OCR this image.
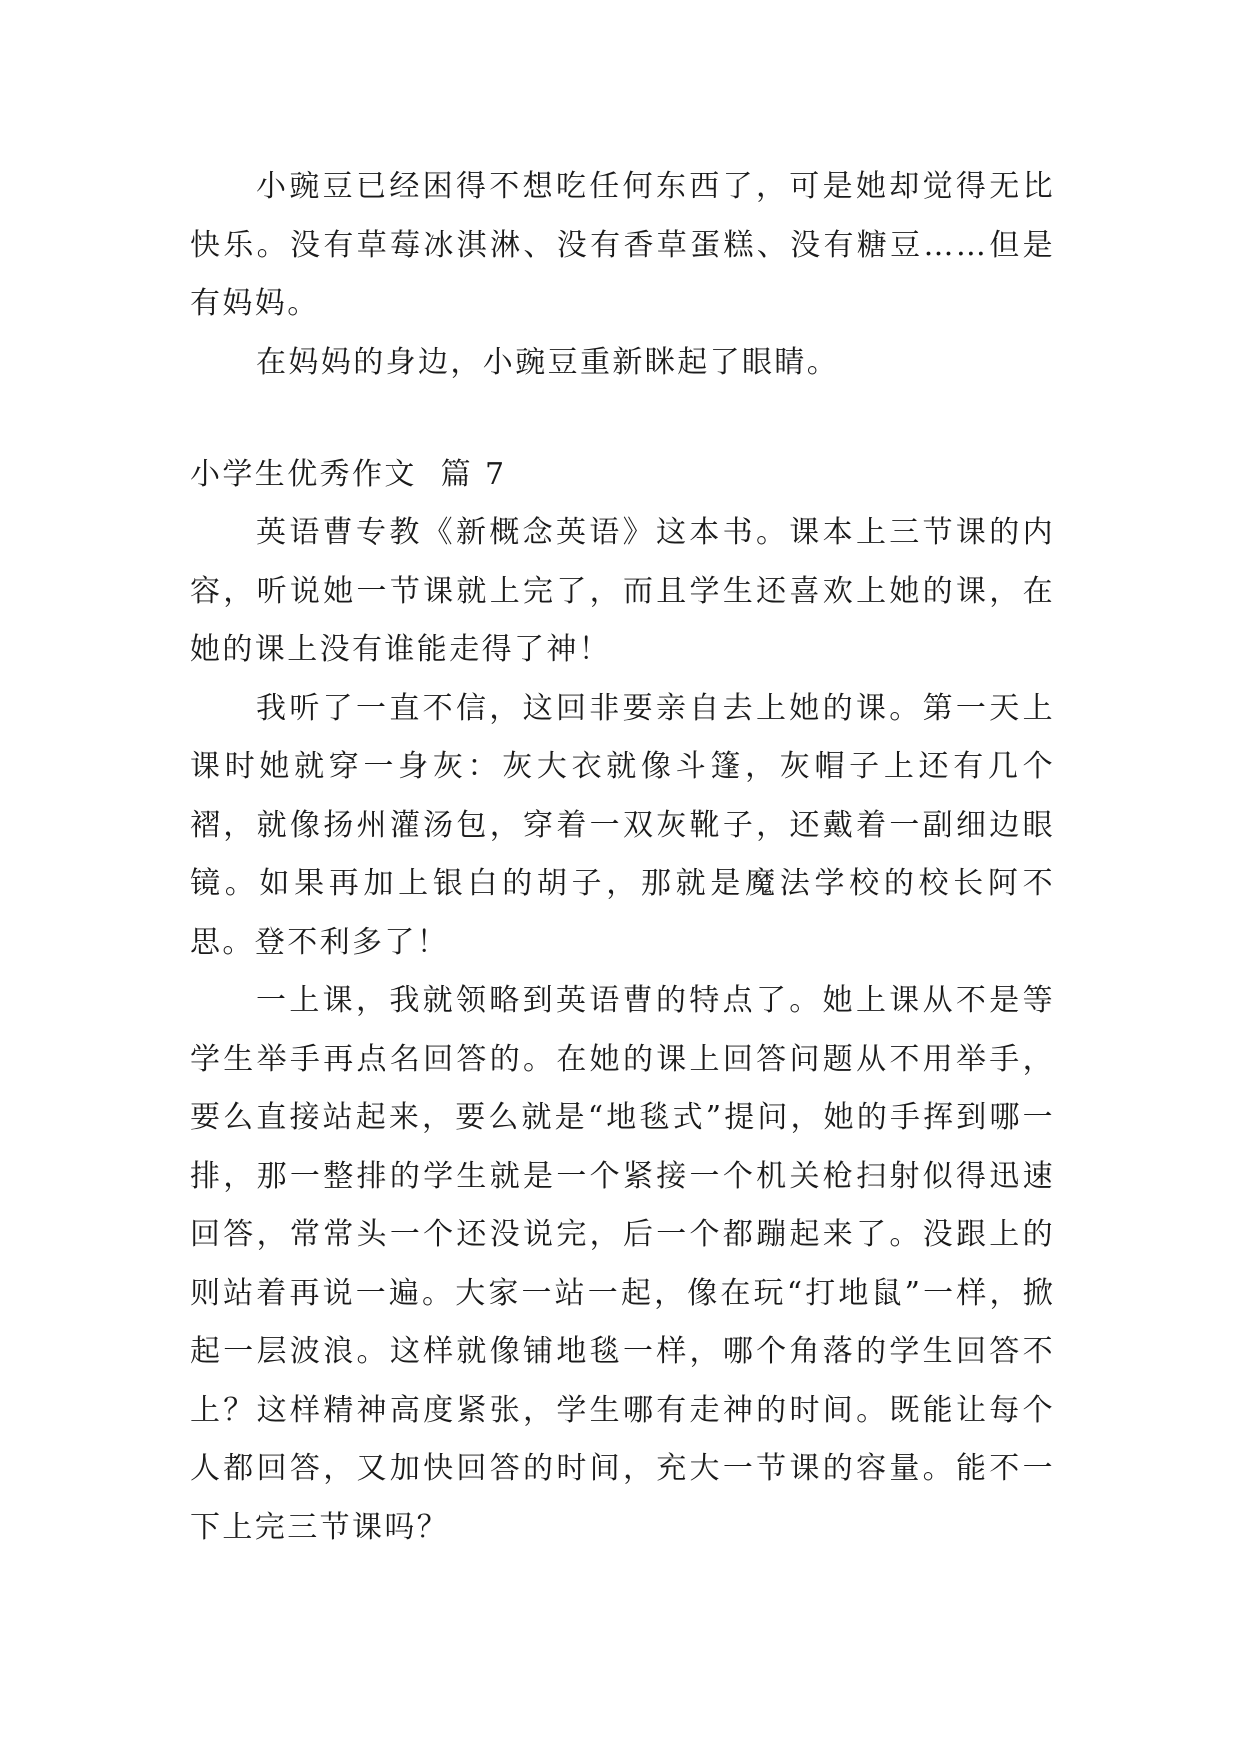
小豌豆已经困得不想吃任何东西了，可是她却觉得无比快乐。没有草莓冰淇淋、没有香草蛋糕、没有糖豆……但是有妈妈。

在妈妈的身边，小豌豆重新眯起了眼睛。

小学生优秀作文  篇 7

英语曹专教《新概念英语》这本书。课本上三节课的内容，听说她一节课就上完了，而且学生还喜欢上她的课，在她的课上没有谁能走得了神！

我听了一直不信，这回非要亲自去上她的课。第一天上课时她就穿一身灰：灰大衣就像斗篷，灰帽子上还有几个褶，就像扬州灌汤包，穿着一双灰靴子，还戴着一副细边眼镜。如果再加上银白的胡子，那就是魔法学校的校长阿不思。登不利多了！

一上课，我就领略到英语曹的特点了。她上课从不是等学生举手再点名回答的。在她的课上回答问题从不用举手，要么直接站起来，要么就是“地毯式”提问，她的手挥到哪一排，那一整排的学生就是一个紧接一个机关枪扫射似得迅速回答，常常头一个还没说完，后一个都蹦起来了。没跟上的则站着再说一遍。大家一站一起，像在玩“打地鼠”一样，掀起一层波浪。这样就像铺地毯一样，哪个角落的学生回答不上？这样精神高度紧张，学生哪有走神的时间。既能让每个人都回答，又加快回答的时间，充大一节课的容量。能不一下上完三节课吗？
